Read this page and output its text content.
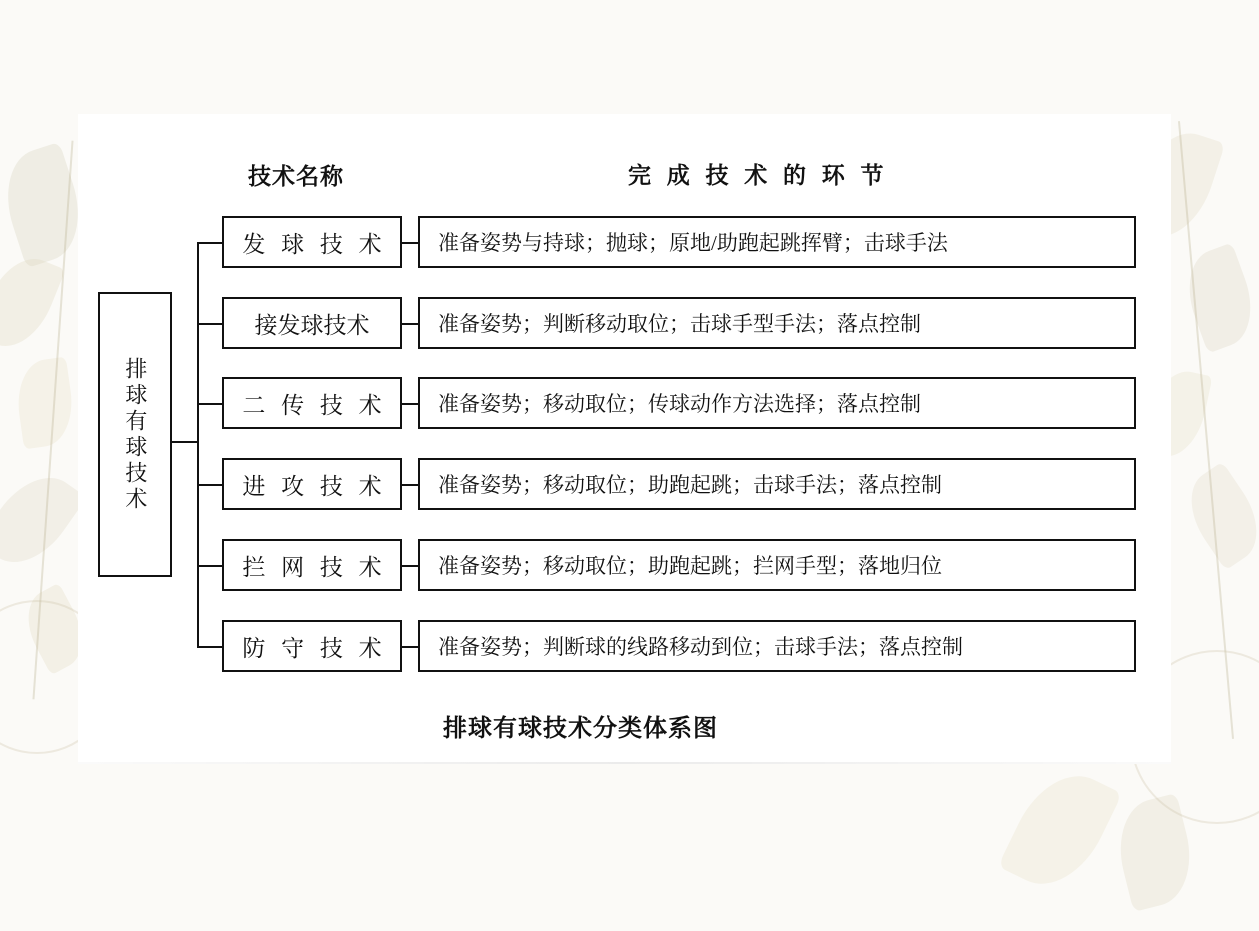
技术名称	完 成 技 术 的 环 节
排球有球技术
发 球 技 术
接发球技术
二 传 技 术
进 攻 技 术
拦 网 技 术
防 守 技 术
准备姿势与持球；抛球；原地/助跑起跳挥臂；击球手法
准备姿势；判断移动取位；击球手型手法；落点控制
准备姿势；移动取位；传球动作方法选择；落点控制
准备姿势；移动取位；助跑起跳；击球手法；落点控制
准备姿势；移动取位；助跑起跳；拦网手型；落地归位
准备姿势；判断球的线路移动到位；击球手法；落点控制
排球有球技术分类体系图
